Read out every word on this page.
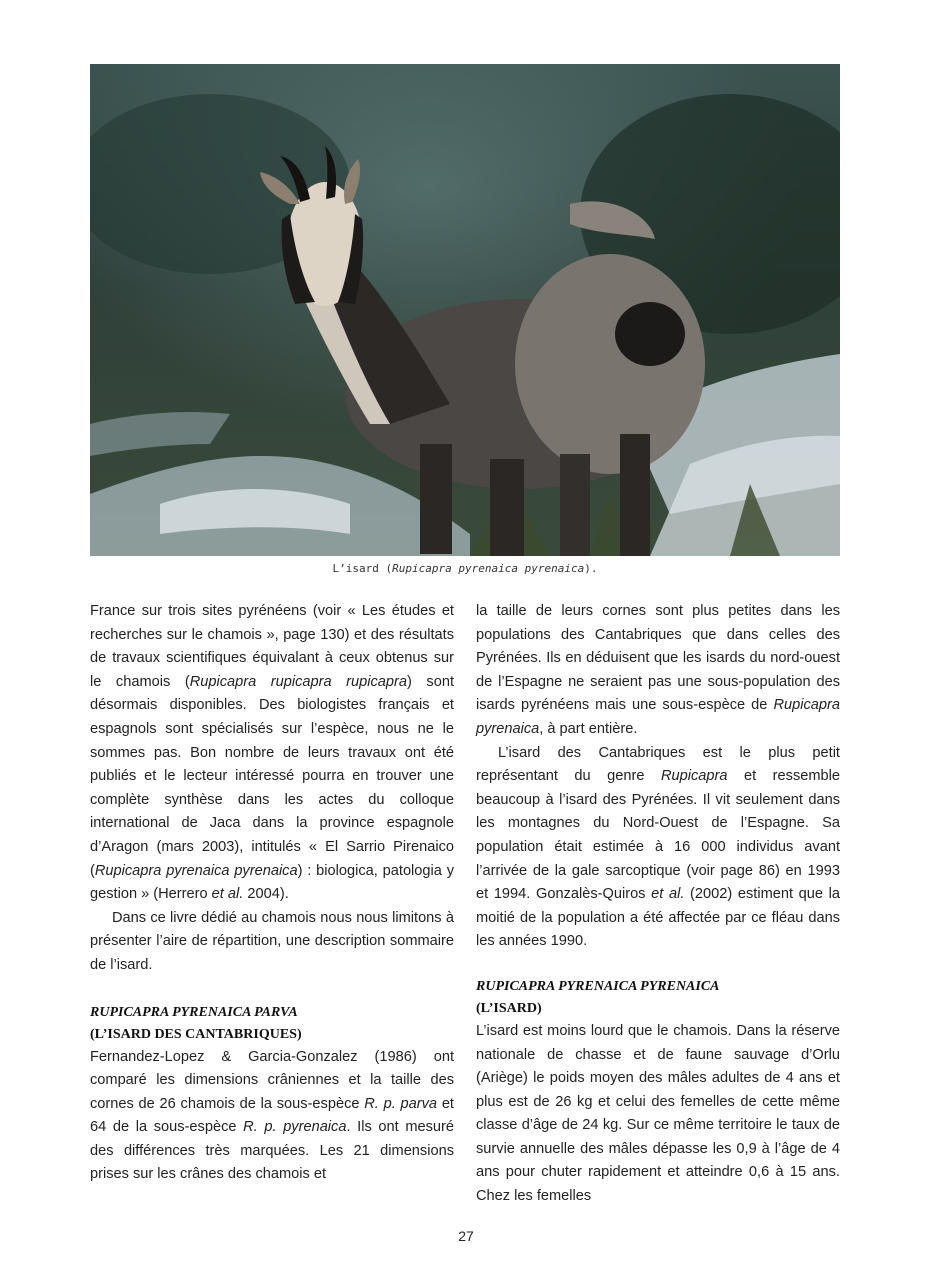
L’isard (Rupicapra pyrenaica pyrenaica).

France sur trois sites pyrénéens (voir « Les études et recherches sur le chamois », page 130) et des résultats de travaux scientifiques équivalant à ceux obtenus sur le chamois (Rupicapra rupicapra rupicapra) sont désormais disponibles. Des biologistes français et espagnols sont spécialisés sur l’espèce, nous ne le sommes pas. Bon nombre de leurs travaux ont été publiés et le lecteur intéressé pourra en trouver une complète synthèse dans les actes du colloque international de Jaca dans la province espagnole d’Aragon (mars 2003), intitulés « El Sarrio Pirenaico (Rupicapra pyrenaica pyrenaica) : biologica, patologia y gestion » (Herrero et al. 2004).

Dans ce livre dédié au chamois nous nous limitons à présenter l’aire de répartition, une description sommaire de l’isard.

RUPICAPRA PYRENAICA PARVA
(L’ISARD DES CANTABRIQUES)

Fernandez-Lopez & Garcia-Gonzalez (1986) ont comparé les dimensions crâniennes et la taille des cornes de 26 chamois de la sous-espèce R. p. parva et 64 de la sous-espèce R. p. pyrenaica. Ils ont mesuré des différences très marquées. Les 21 dimensions prises sur les crânes des chamois et

la taille de leurs cornes sont plus petites dans les populations des Cantabriques que dans celles des Pyrénées. Ils en déduisent que les isards du nord-ouest de l’Espagne ne seraient pas une sous-population des isards pyrénéens mais une sous-espèce de Rupicapra pyrenaica, à part entière.

L’isard des Cantabriques est le plus petit représentant du genre Rupicapra et ressemble beaucoup à l’isard des Pyrénées. Il vit seulement dans les montagnes du Nord-Ouest de l’Espagne. Sa population était estimée à 16 000 individus avant l’arrivée de la gale sarcoptique (voir page 86) en 1993 et 1994. Gonzalès-Quiros et al. (2002) estiment que la moitié de la population a été affectée par ce fléau dans les années 1990.

RUPICAPRA PYRENAICA PYRENAICA
(L’ISARD)

L’isard est moins lourd que le chamois. Dans la réserve nationale de chasse et de faune sauvage d’Orlu (Ariège) le poids moyen des mâles adultes de 4 ans et plus est de 26 kg et celui des femelles de cette même classe d’âge de 24 kg. Sur ce même territoire le taux de survie annuelle des mâles dépasse les 0,9 à l’âge de 4 ans pour chuter rapidement et atteindre 0,6 à 15 ans. Chez les femelles

27
